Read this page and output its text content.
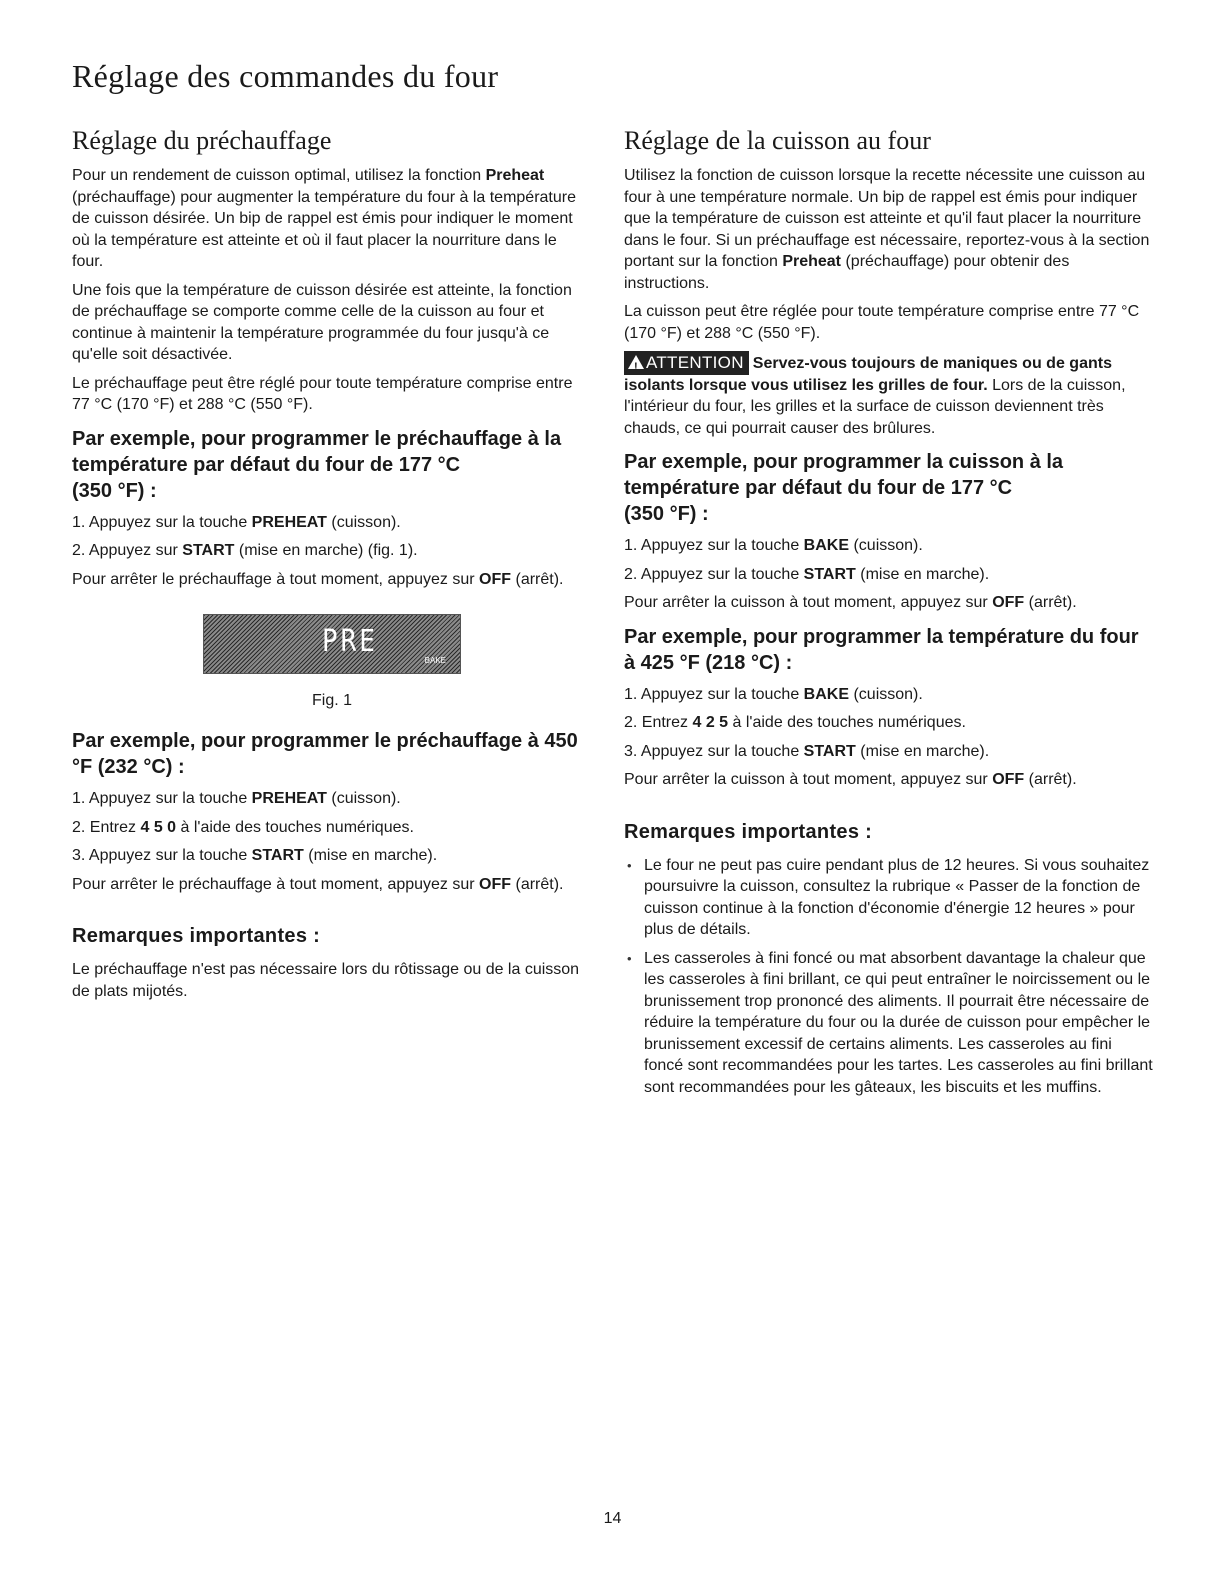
Réglage des commandes du four
Réglage du préchauffage

Pour un rendement de cuisson optimal, utilisez la fonction Preheat (préchauffage) pour augmenter la température du four à la température de cuisson désirée. Un bip de rappel est émis pour indiquer le moment où la température est atteinte et où il faut placer la nourriture dans le four.

Une fois que la température de cuisson désirée est atteinte, la fonction de préchauffage se comporte comme celle de la cuisson au four et continue à maintenir la température programmée du four jusqu'à ce qu'elle soit désactivée.

Le préchauffage peut être réglé pour toute température comprise entre 77 °C (170 °F) et 288 °C (550 °F).

Par exemple, pour programmer le préchauffage à la température par défaut du four de 177 °C
(350 °F) :
1. Appuyez sur la touche PREHEAT (cuisson).
2. Appuyez sur START (mise en marche) (fig. 1).

Pour arrêter le préchauffage à tout moment, appuyez sur OFF (arrêt).

PRE
BAKE
Fig. 1
Par exemple, pour programmer le préchauffage à 450 °F (232 °C) :
1. Appuyez sur la touche PREHEAT (cuisson).
2. Entrez 4 5 0 à l'aide des touches numériques.
3. Appuyez sur la touche START (mise en marche).

Pour arrêter le préchauffage à tout moment, appuyez sur OFF (arrêt).

Remarques importantes :

Le préchauffage n'est pas nécessaire lors du rôtissage ou de la cuisson de plats mijotés.

Réglage de la cuisson au four

Utilisez la fonction de cuisson lorsque la recette nécessite une cuisson au four à une température normale. Un bip de rappel est émis pour indiquer que la température de cuisson est atteinte et qu'il faut placer la nourriture dans le four. Si un préchauffage est nécessaire, reportez-vous à la section portant sur la fonction Preheat (préchauffage) pour obtenir des instructions.

La cuisson peut être réglée pour toute température comprise entre 77 °C (170 °F) et 288 °C (550 °F).

! ATTENTION Servez-vous toujours de maniques ou de gants isolants lorsque vous utilisez les grilles de four. Lors de la cuisson, l'intérieur du four, les grilles et la surface de cuisson deviennent très chauds, ce qui pourrait causer des brûlures.

Par exemple, pour programmer la cuisson à la température par défaut du four de 177 °C
(350 °F) :
1. Appuyez sur la touche BAKE (cuisson).
2. Appuyez sur la touche START (mise en marche).

Pour arrêter la cuisson à tout moment, appuyez sur OFF (arrêt).

Par exemple, pour programmer la température du four à 425 °F (218 °C) :
1. Appuyez sur la touche BAKE (cuisson).
2. Entrez 4 2 5 à l'aide des touches numériques.
3. Appuyez sur la touche START (mise en marche).

Pour arrêter la cuisson à tout moment, appuyez sur OFF (arrêt).

Remarques importantes :
• Le four ne peut pas cuire pendant plus de 12 heures. Si vous souhaitez poursuivre la cuisson, consultez la rubrique « Passer de la fonction de cuisson continue à la fonction d'économie d'énergie 12 heures » pour plus de détails.
• Les casseroles à fini foncé ou mat absorbent davantage la chaleur que les casseroles à fini brillant, ce qui peut entraîner le noircissement ou le brunissement trop prononcé des aliments. Il pourrait être nécessaire de réduire la température du four ou la durée de cuisson pour empêcher le brunissement excessif de certains aliments. Les casseroles au fini foncé sont recommandées pour les tartes. Les casseroles au fini brillant sont recommandées pour les gâteaux, les biscuits et les muffins.
14
